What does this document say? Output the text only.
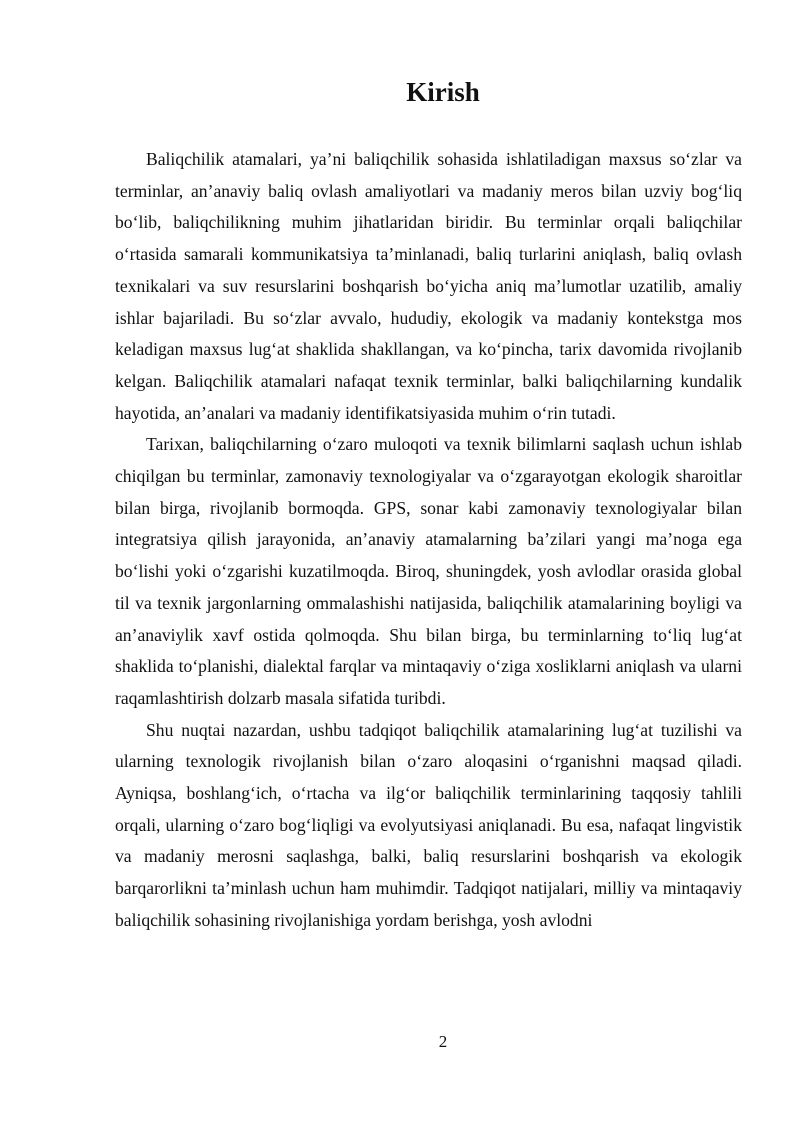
Kirish

Baliqchilik atamalari, ya’ni baliqchilik sohasida ishlatiladigan maxsus so‘zlar va terminlar, an’anaviy baliq ovlash amaliyotlari va madaniy meros bilan uzviy bog‘liq bo‘lib, baliqchilikning muhim jihatlaridan biridir. Bu terminlar orqali baliqchilar o‘rtasida samarali kommunikatsiya ta’minlanadi, baliq turlarini aniqlash, baliq ovlash texnikalari va suv resurslarini boshqarish bo‘yicha aniq ma’lumotlar uzatilib, amaliy ishlar bajariladi. Bu so‘zlar avvalo, hududiy, ekologik va madaniy kontekstga mos keladigan maxsus lug‘at shaklida shakllangan, va ko‘pincha, tarix davomida rivojlanib kelgan. Baliqchilik atamalari nafaqat texnik terminlar, balki baliqchilarning kundalik hayotida, an’analari va madaniy identifikatsiyasida muhim o‘rin tutadi.

Tarixan, baliqchilarning o‘zaro muloqoti va texnik bilimlarni saqlash uchun ishlab chiqilgan bu terminlar, zamonaviy texnologiyalar va o‘zgarayotgan ekologik sharoitlar bilan birga, rivojlanib bormoqda. GPS, sonar kabi zamonaviy texnologiyalar bilan integratsiya qilish jarayonida, an’anaviy atamalarning ba’zilari yangi ma’noga ega bo‘lishi yoki o‘zgarishi kuzatilmoqda. Biroq, shuningdek, yosh avlodlar orasida global til va texnik jargonlarning ommalashishi natijasida, baliqchilik atamalarining boyligi va an’anaviylik xavf ostida qolmoqda. Shu bilan birga, bu terminlarning to‘liq lug‘at shaklida to‘planishi, dialektal farqlar va mintaqaviy o‘ziga xosliklarni aniqlash va ularni raqamlashtirish dolzarb masala sifatida turibdi.

Shu nuqtai nazardan, ushbu tadqiqot baliqchilik atamalarining lug‘at tuzilishi va ularning texnologik rivojlanish bilan o‘zaro aloqasini o‘rganishni maqsad qiladi. Ayniqsa, boshlang‘ich, o‘rtacha va ilg‘or baliqchilik terminlarining taqqosiy tahlili orqali, ularning o‘zaro bog‘liqligi va evolyutsiyasi aniqlanadi. Bu esa, nafaqat lingvistik va madaniy merosni saqlashga, balki, baliq resurslarini boshqarish va ekologik barqarorlikni ta’minlash uchun ham muhimdir. Tadqiqot natijalari, milliy va mintaqaviy baliqchilik sohasining rivojlanishiga yordam berishga, yosh avlodni

2
